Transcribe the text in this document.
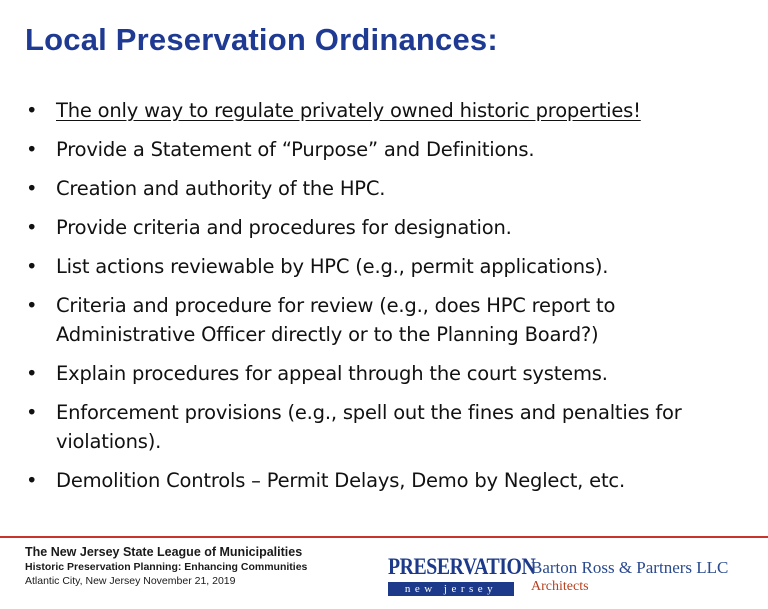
Local Preservation Ordinances:
• The only way to regulate privately owned historic properties!
• Provide a Statement of “Purpose” and Definitions.
• Creation and authority of the HPC.
• Provide criteria and procedures for designation.
• List actions reviewable by HPC (e.g., permit applications).
• Criteria and procedure for review (e.g., does HPC report to Administrative Officer directly or to the Planning Board?)
• Explain procedures for appeal through the court systems.
• Enforcement provisions (e.g., spell out the fines and penalties for violations).
• Demolition Controls – Permit Delays, Demo by Neglect, etc.
The New Jersey State League of Municipalities
Historic Preservation Planning: Enhancing Communities
Atlantic City, New Jersey November 21, 2019
PRESERVATION
new jersey
Barton Ross & Partners LLC
Architects
